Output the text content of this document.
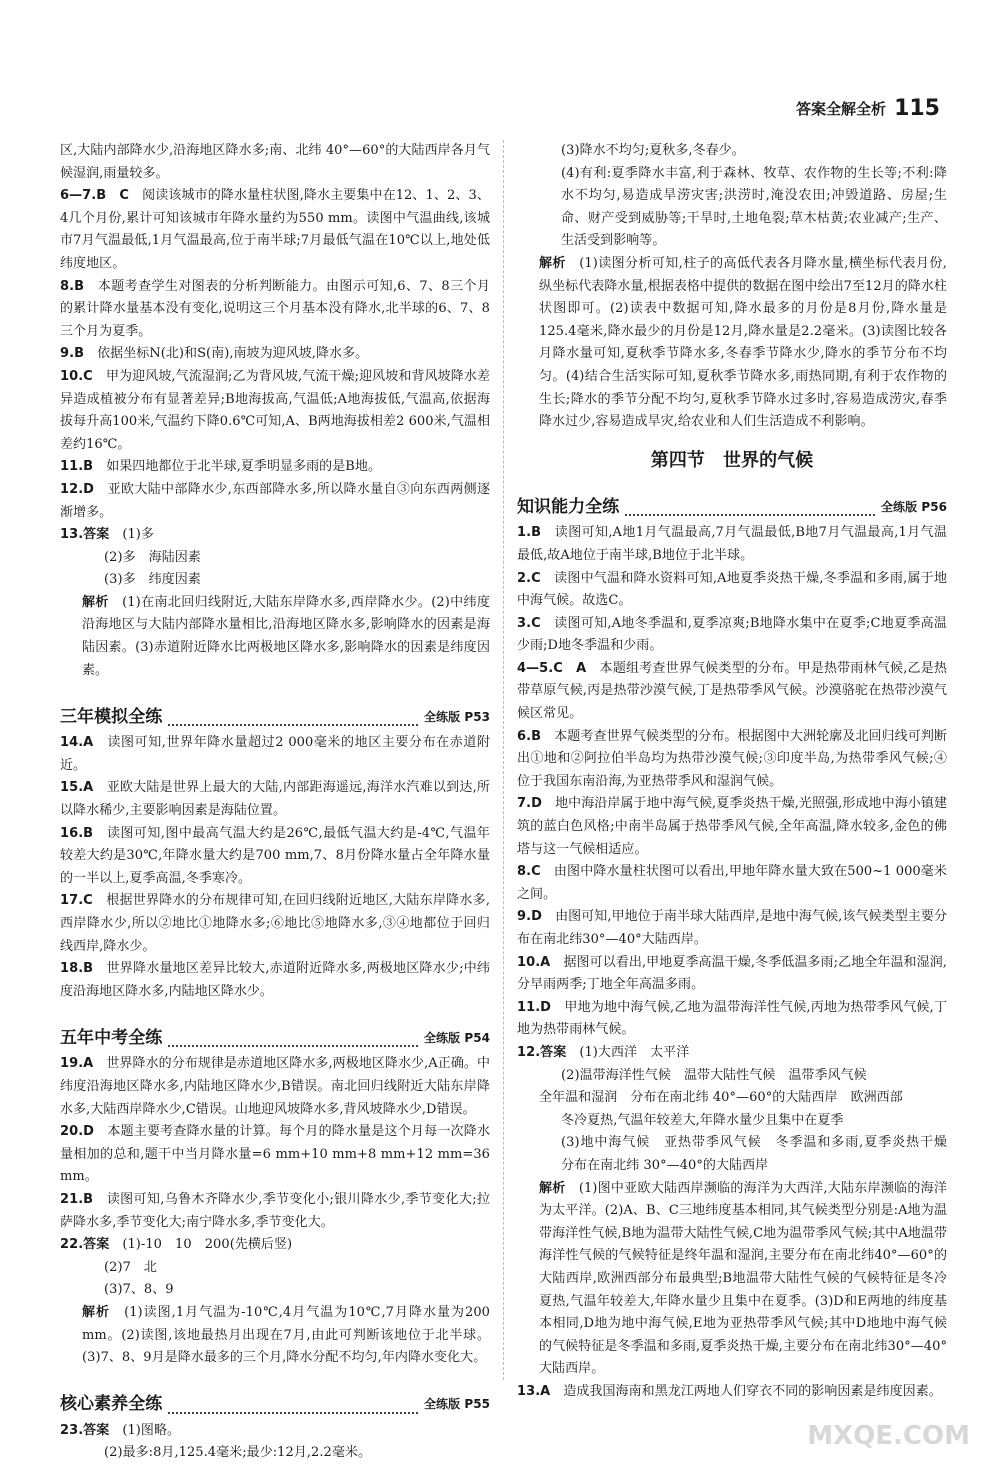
答案全解全析 115

区,大陆内部降水少,沿海地区降水多;南、北纬 40°—60°的大陆西岸各月气候湿润,雨量较多。

6—7.B　C　 阅读该城市的降水量柱状图,降水主要集中在12、1、2、3、4几个月份,累计可知该城市年降水量约为550 mm。读图中气温曲线,该城市7月气温最低,1月气温最高,位于南半球;7月最低气温在10℃以上,地处低纬度地区。

8.B　 本题考查学生对图表的分析判断能力。由图示可知,6、7、8三个月的累计降水量基本没有变化,说明这三个月基本没有降水,北半球的6、7、8三个月为夏季。

9.B　 依据坐标N(北)和S(南),南坡为迎风坡,降水多。

10.C　 甲为迎风坡,气流湿润;乙为背风坡,气流干燥;迎风坡和背风坡降水差异造成植被分布有显著差异;B地海拔高,气温低;A地海拔低,气温高,依据海拔每升高100米,气温约下降0.6℃可知,A、B两地海拔相差2 600米,气温相差约16℃。

11.B　 如果四地都位于北半球,夏季明显多雨的是B地。

12.D　 亚欧大陆中部降水少,东西部降水多,所以降水量自③向东西两侧逐渐增多。

13.答案　 (1)多

(2)多　海陆因素

(3)多　纬度因素

解析　 (1)在南北回归线附近,大陆东岸降水多,西岸降水少。(2)中纬度沿海地区与大陆内部降水量相比,沿海地区降水多,影响降水的因素是海陆因素。(3)赤道附近降水比两极地区降水多,影响降水的因素是纬度因素。

三年模拟全练	全练版 P53

14.A　 读图可知,世界年降水量超过2 000毫米的地区主要分布在赤道附近。

15.A　 亚欧大陆是世界上最大的大陆,内部距海遥远,海洋水汽难以到达,所以降水稀少,主要影响因素是海陆位置。

16.B　 读图可知,图中最高气温大约是26℃,最低气温大约是-4℃,气温年较差大约是30℃,年降水量大约是700 mm,7、8月份降水量占全年降水量的一半以上,夏季高温,冬季寒冷。

17.C　 根据世界降水的分布规律可知,在回归线附近地区,大陆东岸降水多,西岸降水少,所以②地比①地降水多;⑥地比⑤地降水多,③④地都位于回归线西岸,降水少。

18.B　 世界降水量地区差异比较大,赤道附近降水多,两极地区降水少;中纬度沿海地区降水多,内陆地区降水少。

五年中考全练	全练版 P54

19.A　 世界降水的分布规律是赤道地区降水多,两极地区降水少,A正确。中纬度沿海地区降水多,内陆地区降水少,B错误。南北回归线附近大陆东岸降水多,大陆西岸降水少,C错误。山地迎风坡降水多,背风坡降水少,D错误。

20.D　 本题主要考查降水量的计算。每个月的降水量是这个月每一次降水量相加的总和,题干中当月降水量=6 mm+10 mm+8 mm+12 mm=36 mm。

21.B　 读图可知,乌鲁木齐降水少,季节变化小;银川降水少,季节变化大;拉萨降水多,季节变化大;南宁降水多,季节变化大。

22.答案　 (1)-10　10　200(先横后竖)

(2)7　北

(3)7、8、9

解析　 (1)读图,1月气温为-10℃,4月气温为10℃,7月降水量为200 mm。(2)读图,该地最热月出现在7月,由此可判断该地位于北半球。(3)7、8、9月是降水最多的三个月,降水分配不均匀,年内降水变化大。

核心素养全练	全练版 P55

23.答案　 (1)图略。

(2)最多:8月,125.4毫米;最少:12月,2.2毫米。

(3)降水不均匀;夏秋多,冬春少。

(4)有利:夏季降水丰富,利于森林、牧草、农作物的生长等;不利:降水不均匀,易造成旱涝灾害;洪涝时,淹没农田;冲毁道路、房屋;生命、财产受到威胁等;干旱时,土地龟裂;草木枯黄;农业减产;生产、生活受到影响等。

解析　 (1)读图分析可知,柱子的高低代表各月降水量,横坐标代表月份,纵坐标代表降水量,根据表格中提供的数据在图中绘出7至12月的降水柱状图即可。(2)读表中数据可知,降水最多的月份是8月份,降水量是125.4毫米,降水最少的月份是12月,降水量是2.2毫米。(3)读图比较各月降水量可知,夏秋季节降水多,冬春季节降水少,降水的季节分布不均匀。(4)结合生活实际可知,夏秋季节降水多,雨热同期,有利于农作物的生长;降水的季节分配不均匀,夏秋季节降水过多时,容易造成涝灾,春季降水过少,容易造成旱灾,给农业和人们生活造成不利影响。

第四节　世界的气候
知识能力全练	全练版 P56

1.B　 读图可知,A地1月气温最高,7月气温最低,B地7月气温最高,1月气温最低,故A地位于南半球,B地位于北半球。

2.C　 读图中气温和降水资料可知,A地夏季炎热干燥,冬季温和多雨,属于地中海气候。故选C。

3.C　 读图可知,A地冬季温和,夏季凉爽;B地降水集中在夏季;C地夏季高温少雨;D地冬季温和少雨。

4—5.C　A　 本题组考查世界气候类型的分布。甲是热带雨林气候,乙是热带草原气候,丙是热带沙漠气候,丁是热带季风气候。沙漠骆驼在热带沙漠气候区常见。

6.B　 本题考查世界气候类型的分布。根据图中大洲轮廓及北回归线可判断出①地和②阿拉伯半岛均为热带沙漠气候;③印度半岛,为热带季风气候;④位于我国东南沿海,为亚热带季风和湿润气候。

7.D　 地中海沿岸属于地中海气候,夏季炎热干燥,光照强,形成地中海小镇建筑的蓝白色风格;中南半岛属于热带季风气候,全年高温,降水较多,金色的佛塔与这一气候相适应。

8.C　 由图中降水量柱状图可以看出,甲地年降水量大致在500~1 000毫米之间。

9.D　 由图可知,甲地位于南半球大陆西岸,是地中海气候,该气候类型主要分布在南北纬30°—40°大陆西岸。

10.A　 据图可以看出,甲地夏季高温干燥,冬季低温多雨;乙地全年温和湿润,分早雨两季;丁地全年高温多雨。

11.D　 甲地为地中海气候,乙地为温带海洋性气候,丙地为热带季风气候,丁地为热带雨林气候。

12.答案　 (1)大西洋　太平洋

(2)温带海洋性气候　温带大陆性气候　温带季风气候

全年温和湿润　分布在南北纬 40°—60°的大陆西岸　欧洲西部

冬冷夏热,气温年较差大,年降水量少且集中在夏季

(3)地中海气候　亚热带季风气候　冬季温和多雨,夏季炎热干燥　分布在南北纬 30°—40°的大陆西岸

解析　 (1)图中亚欧大陆西岸濒临的海洋为大西洋,大陆东岸濒临的海洋为太平洋。(2)A、B、C三地纬度基本相同,其气候类型分别是:A地为温带海洋性气候,B地为温带大陆性气候,C地为温带季风气候;其中A地温带海洋性气候的气候特征是终年温和湿润,主要分布在南北纬40°—60°的大陆西岸,欧洲西部分布最典型;B地温带大陆性气候的气候特征是冬冷夏热,气温年较差大,年降水量少且集中在夏季。(3)D和E两地的纬度基本相同,D地为地中海气候,E地为亚热带季风气候;其中D地地中海气候的气候特征是冬季温和多雨,夏季炎热干燥,主要分布在南北纬30°—40°大陆西岸。

13.A　 造成我国海南和黑龙江两地人们穿衣不同的影响因素是纬度因素。

MXQE.COM
